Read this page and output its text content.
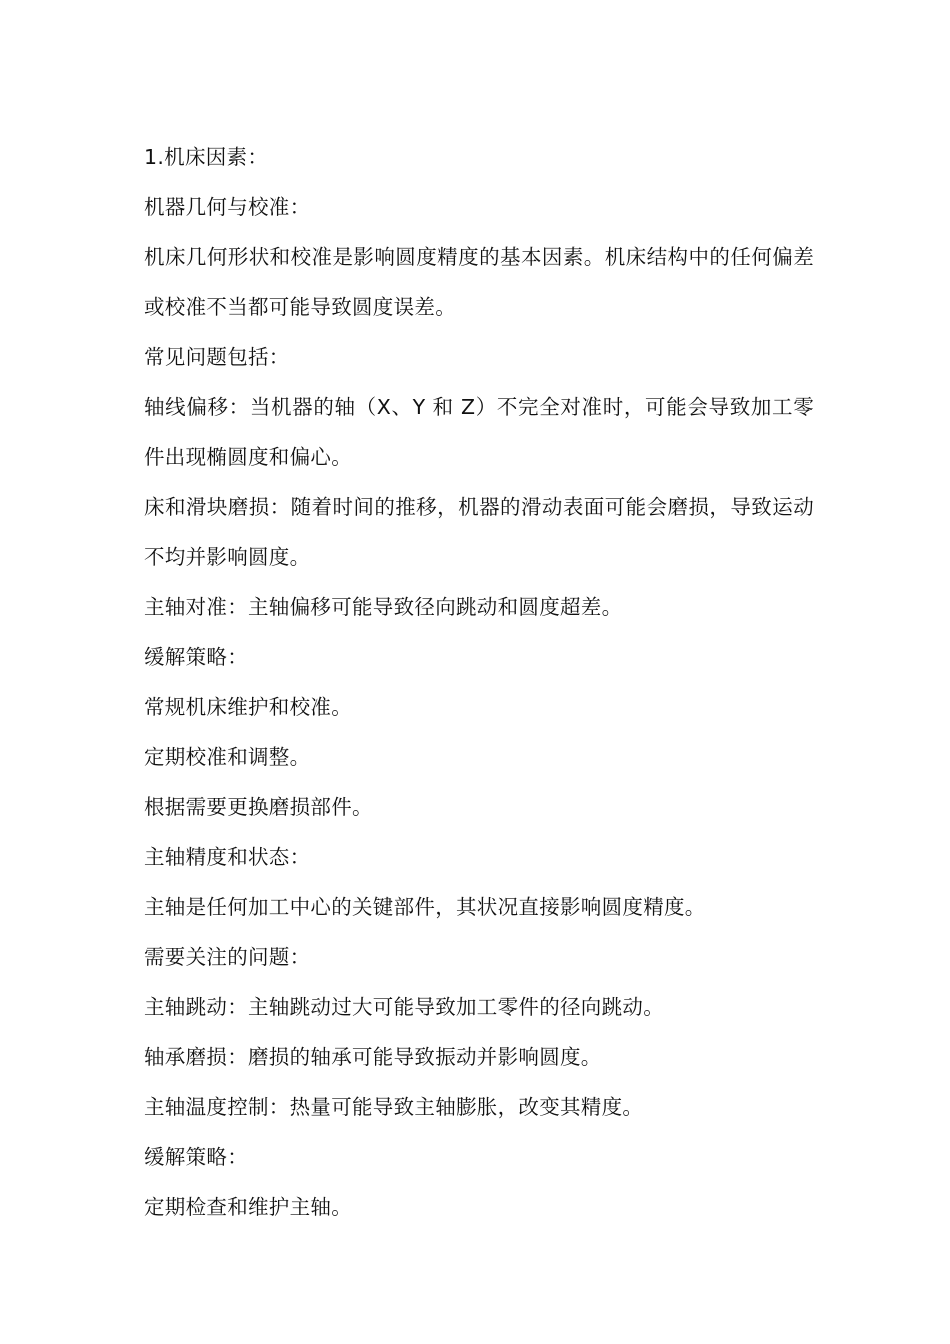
1.机床因素：

机器几何与校准：

机床几何形状和校准是影响圆度精度的基本因素。机床结构中的任何偏差或校准不当都可能导致圆度误差。

常见问题包括：

轴线偏移：当机器的轴（X、Y 和 Z）不完全对准时，可能会导致加工零件出现椭圆度和偏心。

床和滑块磨损：随着时间的推移，机器的滑动表面可能会磨损，导致运动不均并影响圆度。

主轴对准：主轴偏移可能导致径向跳动和圆度超差。

缓解策略：

常规机床维护和校准。

定期校准和调整。

根据需要更换磨损部件。

主轴精度和状态：

主轴是任何加工中心的关键部件，其状况直接影响圆度精度。

需要关注的问题：

主轴跳动：主轴跳动过大可能导致加工零件的径向跳动。

轴承磨损：磨损的轴承可能导致振动并影响圆度。

主轴温度控制：热量可能导致主轴膨胀，改变其精度。

缓解策略：

定期检查和维护主轴。
